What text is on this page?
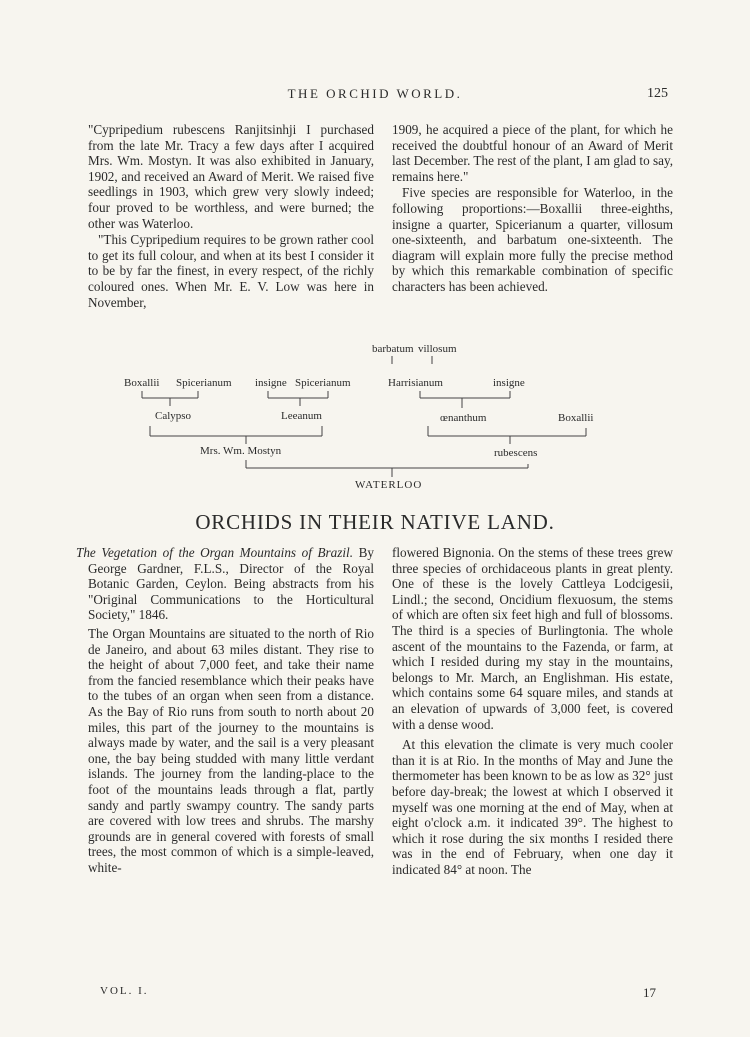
THE ORCHID WORLD.	125

"Cypripedium rubescens Ranjitsinhji I purchased from the late Mr. Tracy a few days after I acquired Mrs. Wm. Mostyn. It was also exhibited in January, 1902, and received an Award of Merit. We raised five seedlings in 1903, which grew very slowly indeed; four proved to be worthless, and were burned; the other was Waterloo.

"This Cypripedium requires to be grown rather cool to get its full colour, and when at its best I consider it to be by far the finest, in every respect, of the richly coloured ones. When Mr. E. V. Low was here in November,

1909, he acquired a piece of the plant, for which he received the doubtful honour of an Award of Merit last December. The rest of the plant, I am glad to say, remains here."

Five species are responsible for Waterloo, in the following proportions:—Boxallii three-eighths, insigne a quarter, Spicerianum a quarter, villosum one-sixteenth, and barbatum one-sixteenth. The diagram will explain more fully the precise method by which this remarkable combination of specific characters has been achieved.

barbatum villosum
Boxallii Spicerianum insigne Spicerianum	Harrisianum	insigne
Calypso	Leeanum	œnanthum	Boxallii
Mrs. Wm. Mostyn	rubescens
WATERLOO
ORCHIDS IN THEIR NATIVE LAND.

The Vegetation of the Organ Mountains of Brazil. By George Gardner, F.L.S., Director of the Royal Botanic Garden, Ceylon. Being abstracts from his "Original Communications to the Horticultural Society," 1846.

The Organ Mountains are situated to the north of Rio de Janeiro, and about 63 miles distant. They rise to the height of about 7,000 feet, and take their name from the fancied resemblance which their peaks have to the tubes of an organ when seen from a distance. As the Bay of Rio runs from south to north about 20 miles, this part of the journey to the mountains is always made by water, and the sail is a very pleasant one, the bay being studded with many little verdant islands. The journey from the landing-place to the foot of the mountains leads through a flat, partly sandy and partly swampy country. The sandy parts are covered with low trees and shrubs. The marshy grounds are in general covered with forests of small trees, the most common of which is a simple-leaved, white-

flowered Bignonia. On the stems of these trees grew three species of orchidaceous plants in great plenty. One of these is the lovely Cattleya Lodcigesii, Lindl.; the second, Oncidium flexuosum, the stems of which are often six feet high and full of blossoms. The third is a species of Burlingtonia. The whole ascent of the mountains to the Fazenda, or farm, at which I resided during my stay in the mountains, belongs to Mr. March, an Englishman. His estate, which contains some 64 square miles, and stands at an elevation of upwards of 3,000 feet, is covered with a dense wood.

At this elevation the climate is very much cooler than it is at Rio. In the months of May and June the thermometer has been known to be as low as 32° just before day-break; the lowest at which I observed it myself was one morning at the end of May, when at eight o'clock a.m. it indicated 39°. The highest to which it rose during the six months I resided there was in the end of February, when one day it indicated 84° at noon. The

VOL. I.	17
